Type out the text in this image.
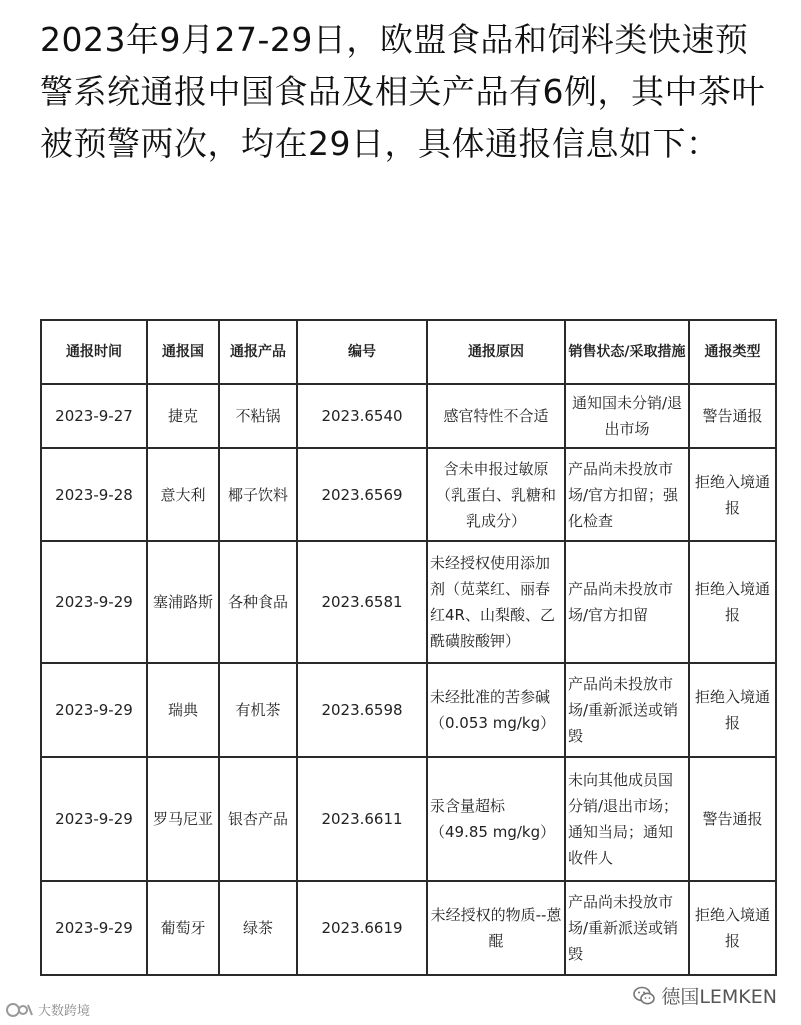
2023年9月27-29日，欧盟食品和饲料类快速预警系统通报中国食品及相关产品有6例，其中茶叶被预警两次，均在29日，具体通报信息如下：

通报时间	通报国	通报产品	编号	通报原因	销售状态/采取措施	通报类型
2023-9-27	捷克	不粘锅	2023.6540	感官特性不合适	通知国未分销/退出市场	警告通报
2023-9-28	意大利	椰子饮料	2023.6569	含未申报过敏原（乳蛋白、乳糖和乳成分）	产品尚未投放市场/官方扣留；强化检查	拒绝入境通报
2023-9-29	塞浦路斯	各种食品	2023.6581	未经授权使用添加剂（苋菜红、丽春红4R、山梨酸、乙酰磺胺酸钾）	产品尚未投放市场/官方扣留	拒绝入境通报
2023-9-29	瑞典	有机茶	2023.6598	未经批准的苦参碱（0.053 mg/kg）	产品尚未投放市场/重新派送或销毁	拒绝入境通报
2023-9-29	罗马尼亚	银杏产品	2023.6611	汞含量超标（49.85 mg/kg）	未向其他成员国分销/退出市场；通知当局；通知收件人	警告通报
2023-9-29	葡萄牙	绿茶	2023.6619	未经授权的物质--蒽醌	产品尚未投放市场/重新派送或销毁	拒绝入境通报
大数跨境
德国LEMKEN
